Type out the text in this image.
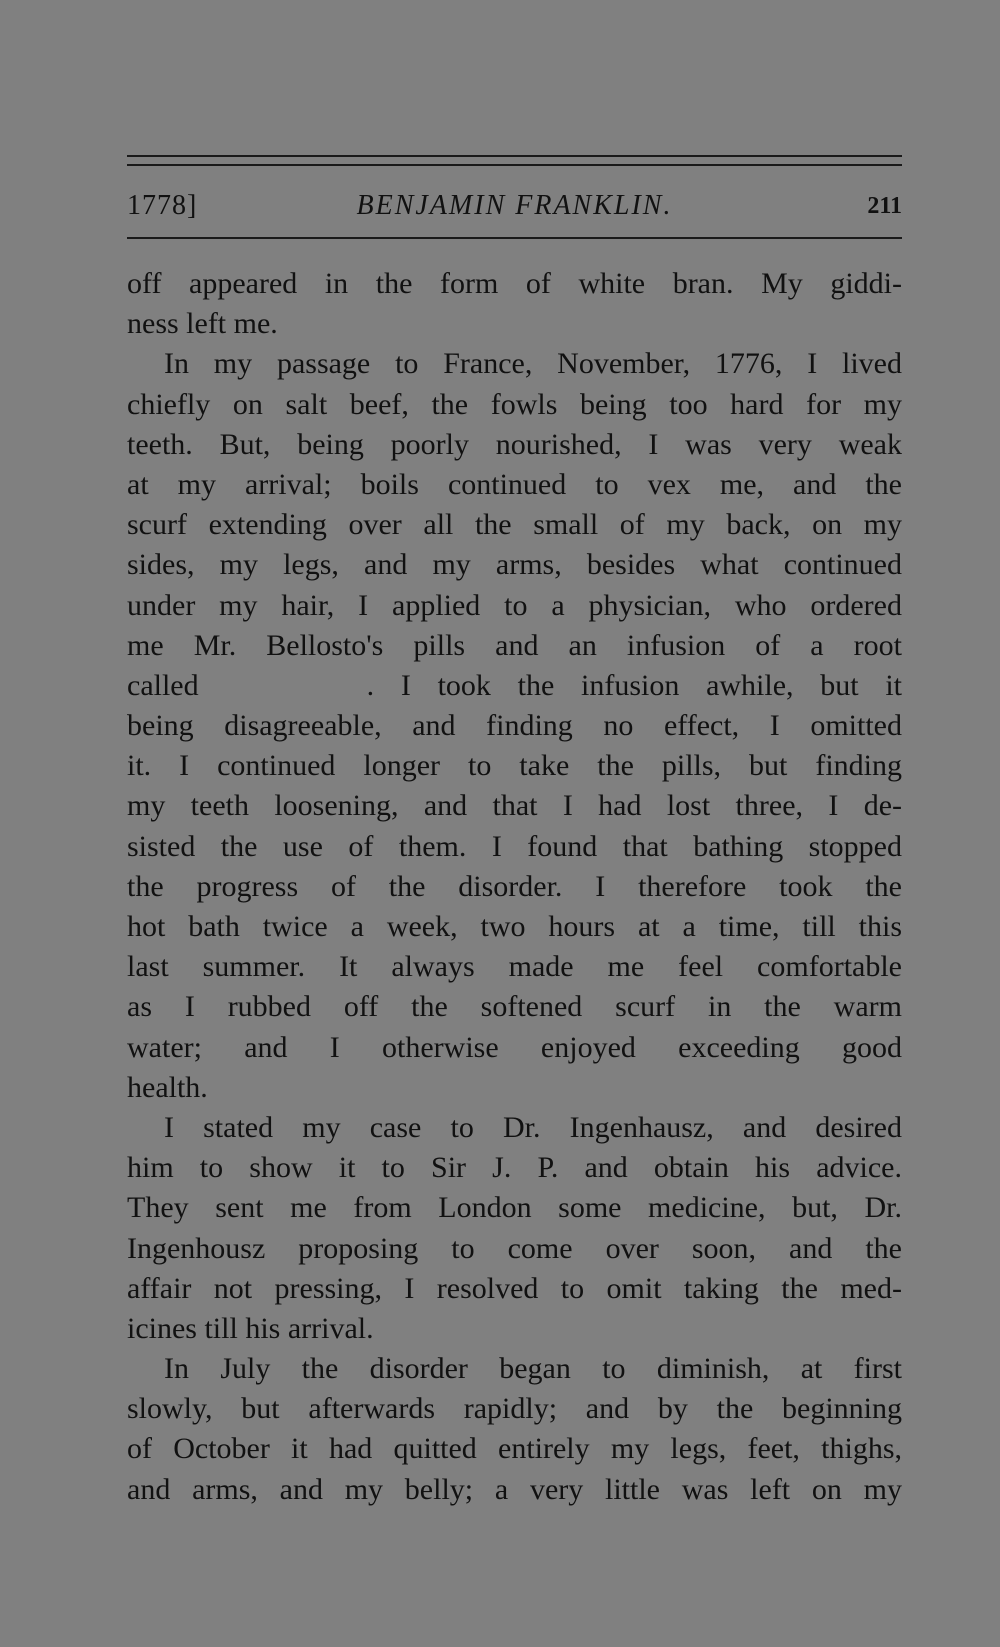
1778]	BENJAMIN FRANKLIN.	211
off appeared in the form of white bran. My giddi-
ness left me.
In my passage to France, November, 1776, I lived
chiefly on salt beef, the fowls being too hard for my
teeth. But, being poorly nourished, I was very weak
at my arrival; boils continued to vex me, and the
scurf extending over all the small of my back, on my
sides, my legs, and my arms, besides what continued
under my hair, I applied to a physician, who ordered
me Mr. Bellosto's pills and an infusion of a root
called	. I took the infusion awhile, but it
being disagreeable, and finding no effect, I omitted
it. I continued longer to take the pills, but finding
my teeth loosening, and that I had lost three, I de-
sisted the use of them. I found that bathing stopped
the progress of the disorder. I therefore took the
hot bath twice a week, two hours at a time, till this
last summer. It always made me feel comfortable
as I rubbed off the softened scurf in the warm
water; and I otherwise enjoyed exceeding good
health.
I stated my case to Dr. Ingenhausz, and desired
him to show it to Sir J. P. and obtain his advice.
They sent me from London some medicine, but, Dr.
Ingenhousz proposing to come over soon, and the
affair not pressing, I resolved to omit taking the med-
icines till his arrival.
In July the disorder began to diminish, at first
slowly, but afterwards rapidly; and by the beginning
of October it had quitted entirely my legs, feet, thighs,
and arms, and my belly; a very little was left on my
